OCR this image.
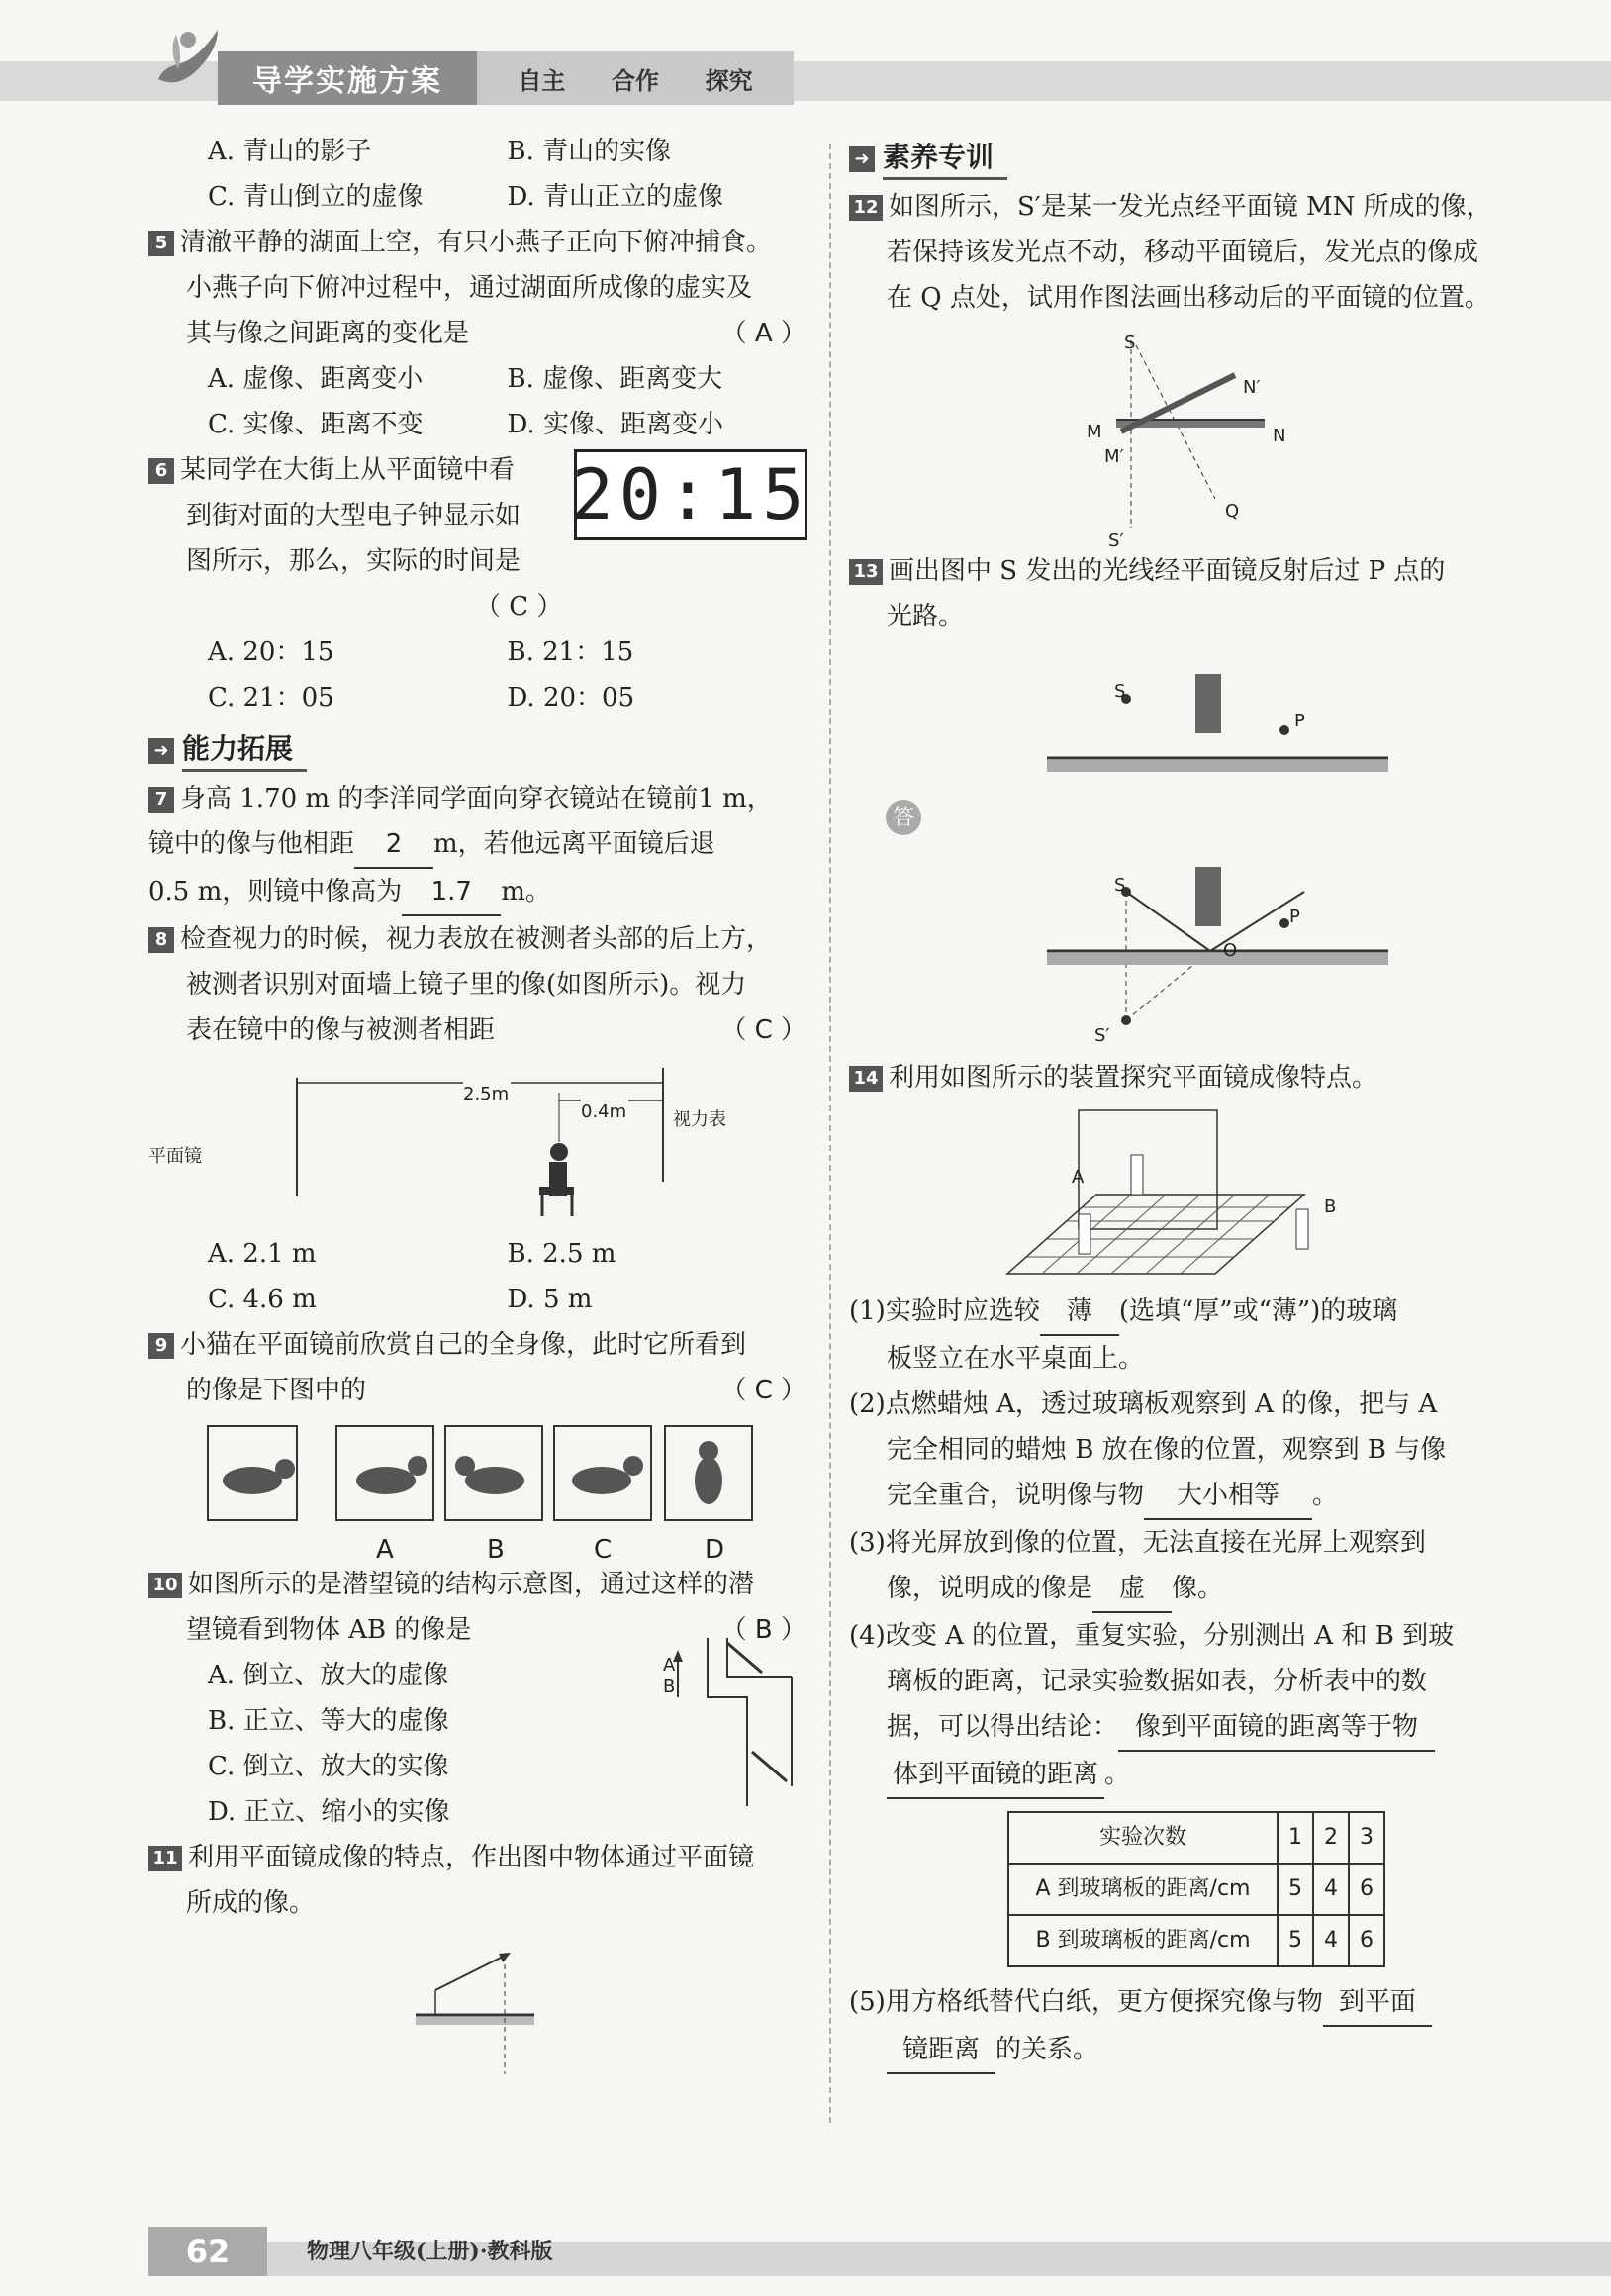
导学实施方案	自主 合作 探究
A. 青山的影子	B. 青山的实像
C. 青山倒立的虚像	D. 青山正立的虚像
5 清澈平静的湖面上空，有只小燕子正向下俯冲捕食。
小燕子向下俯冲过程中，通过湖面所成像的虚实及
其与像之间距离的变化是	（ A ）
A. 虚像、距离变小	B. 虚像、距离变大
C. 实像、距离不变	D. 实像、距离变小
6 某同学在大街上从平面镜中看
到街对面的大型电子钟显示如
图所示，那么，实际的时间是
（ C ）
20:15
A. 20：15	B. 21：15
C. 21：05	D. 20：05
➜ 能力拓展
7 身高 1.70 m 的李洋同学面向穿衣镜站在镜前1 m，
镜中的像与他相距 2 m，若他远离平面镜后退
0.5 m，则镜中像高为 1.7 m。
8 检查视力的时候，视力表放在被测者头部的后上方，
被测者识别对面墙上镜子里的像(如图所示)。视力
表在镜中的像与被测者相距	（ C ）
2.5m
0.4m
平面镜
视力表
A. 2.1 m	B. 2.5 m
C. 4.6 m	D. 5 m
9 小猫在平面镜前欣赏自己的全身像，此时它所看到
的像是下图中的	（ C ）
A	B	C	D
10 如图所示的是潜望镜的结构示意图，通过这样的潜
望镜看到物体 AB 的像是	（ B ）
A. 倒立、放大的虚像
B. 正立、等大的虚像
C. 倒立、放大的实像
D. 正立、缩小的实像
A
B
11 利用平面镜成像的特点，作出图中物体通过平面镜
所成的像。
➜ 素养专训
12 如图所示，S′是某一发光点经平面镜 MN 所成的像，
若保持该发光点不动，移动平面镜后，发光点的像成
在 Q 点处，试用作图法画出移动后的平面镜的位置。
S
S′
M
M′
N
N′
Q
13 画出图中 S 发出的光线经平面镜反射后过 P 点的
光路。
S
P
答
S
P
O
S′
14 利用如图所示的装置探究平面镜成像特点。
A
B
(1)实验时应选较 薄 (选填“厚”或“薄”)的玻璃
板竖立在水平桌面上。
(2)点燃蜡烛 A，透过玻璃板观察到 A 的像，把与 A
完全相同的蜡烛 B 放在像的位置，观察到 B 与像
完全重合，说明像与物 大小相等 。
(3)将光屏放到像的位置，无法直接在光屏上观察到
像，说明成的像是 虚 像。
(4)改变 A 的位置，重复实验，分别测出 A 和 B 到玻
璃板的距离，记录实验数据如表，分析表中的数
据，可以得出结论： 像到平面镜的距离等于物
体到平面镜的距离 。
实验次数	1	2	3
A 到玻璃板的距离/cm	5	4	6
B 到玻璃板的距离/cm	5	4	6
(5)用方格纸替代白纸，更方便探究像与物 到平面
镜距离 的关系。
62	物理八年级(上册)·教科版
